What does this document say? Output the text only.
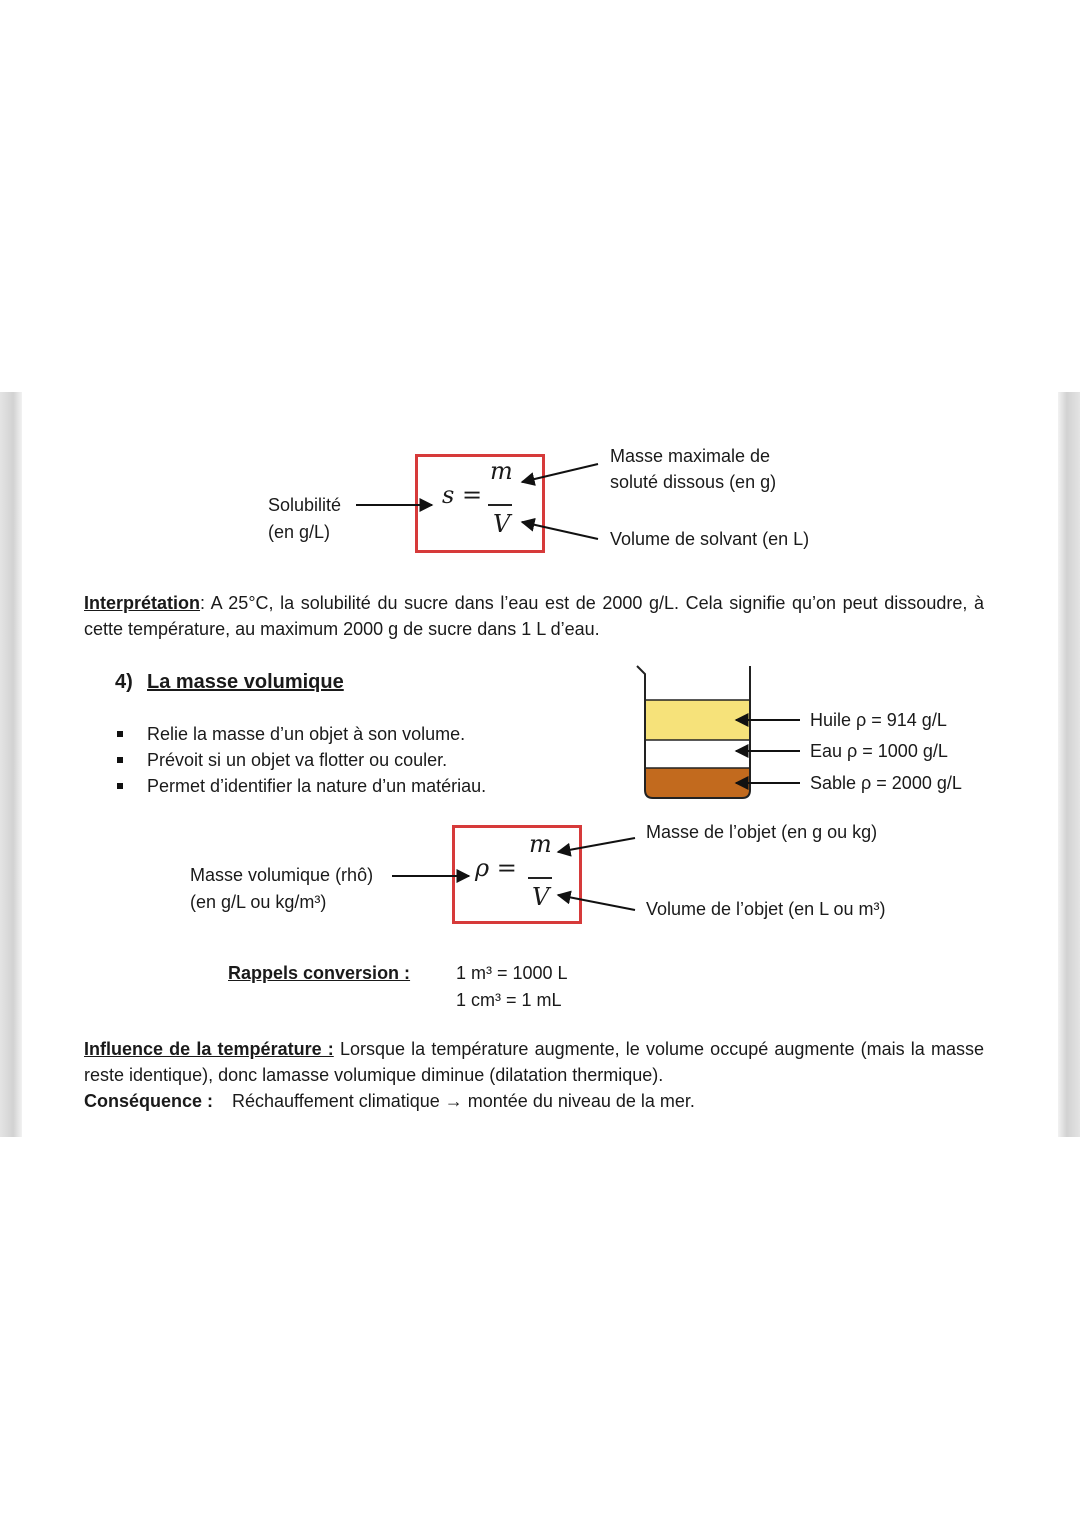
Solubilité
(en g/L)
s =
m
V
Masse maximale de
soluté dissous (en g)
Volume de solvant (en L)
Interprétation: A 25°C, la solubilité du sucre dans l’eau est de 2000 g/L. Cela signifie qu’on peut dissoudre, à cette température, au maximum 2000 g de sucre dans 1 L d’eau.
4) La masse volumique
Relie la masse d’un objet à son volume.
Prévoit si un objet va flotter ou couler.
Permet d’identifier la nature d’un matériau.
Huile ρ = 914 g/L
Eau ρ = 1000 g/L
Sable ρ = 2000 g/L
Masse volumique (rhô)
(en g/L ou kg/m³)
ρ =
m
V
Masse de l’objet (en g ou kg)
Volume de l’objet (en L ou m³)
Rappels conversion :	1 m³ = 1000 L
1 cm³ = 1 mL
Influence de la température : Lorsque la température augmente, le volume occupé augmente (mais la masse reste identique), donc lamasse volumique diminue (dilatation thermique).
Conséquence : Réchauffement climatique → montée du niveau de la mer.
